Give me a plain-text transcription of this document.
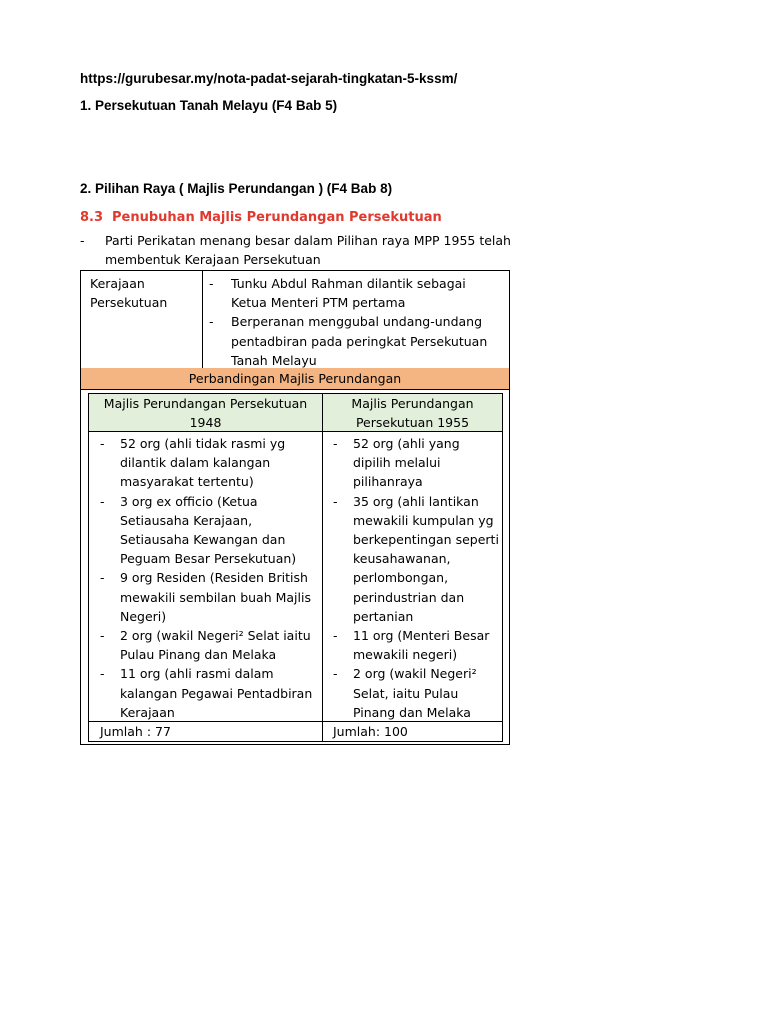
https://gurubesar.my/nota-padat-sejarah-tingkatan-5-kssm/
1. Persekutuan Tanah Melayu (F4 Bab 5)
2. Pilihan Raya ( Majlis Perundangan ) (F4 Bab 8)
8.3 Penubuhan Majlis Perundangan Persekutuan
- Parti Perikatan menang besar dalam Pilihan raya MPP 1955 telah membentuk Kerajaan Persekutuan
Kerajaan Persekutuan
- Tunku Abdul Rahman dilantik sebagai Ketua Menteri PTM pertama
- Berperanan menggubal undang-undang pentadbiran pada peringkat Persekutuan Tanah Melayu
Perbandingan Majlis Perundangan
Majlis Perundangan Persekutuan 1948
Majlis Perundangan Persekutuan 1955
- 52 org (ahli tidak rasmi yg dilantik dalam kalangan masyarakat tertentu)
- 3 org ex officio (Ketua Setiausaha Kerajaan, Setiausaha Kewangan dan Peguam Besar Persekutuan)
- 9 org Residen (Residen British mewakili sembilan buah Majlis Negeri)
- 2 org (wakil Negeri² Selat iaitu Pulau Pinang dan Melaka
- 11 org (ahli rasmi dalam kalangan Pegawai Pentadbiran Kerajaan
- 52 org (ahli yang dipilih melalui pilihanraya
- 35 org (ahli lantikan mewakili kumpulan yg berkepentingan seperti keusahawanan, perlombongan, perindustrian dan pertanian
- 11 org (Menteri Besar mewakili negeri)
- 2 org (wakil Negeri² Selat, iaitu Pulau Pinang dan Melaka
Jumlah : 77	Jumlah: 100
